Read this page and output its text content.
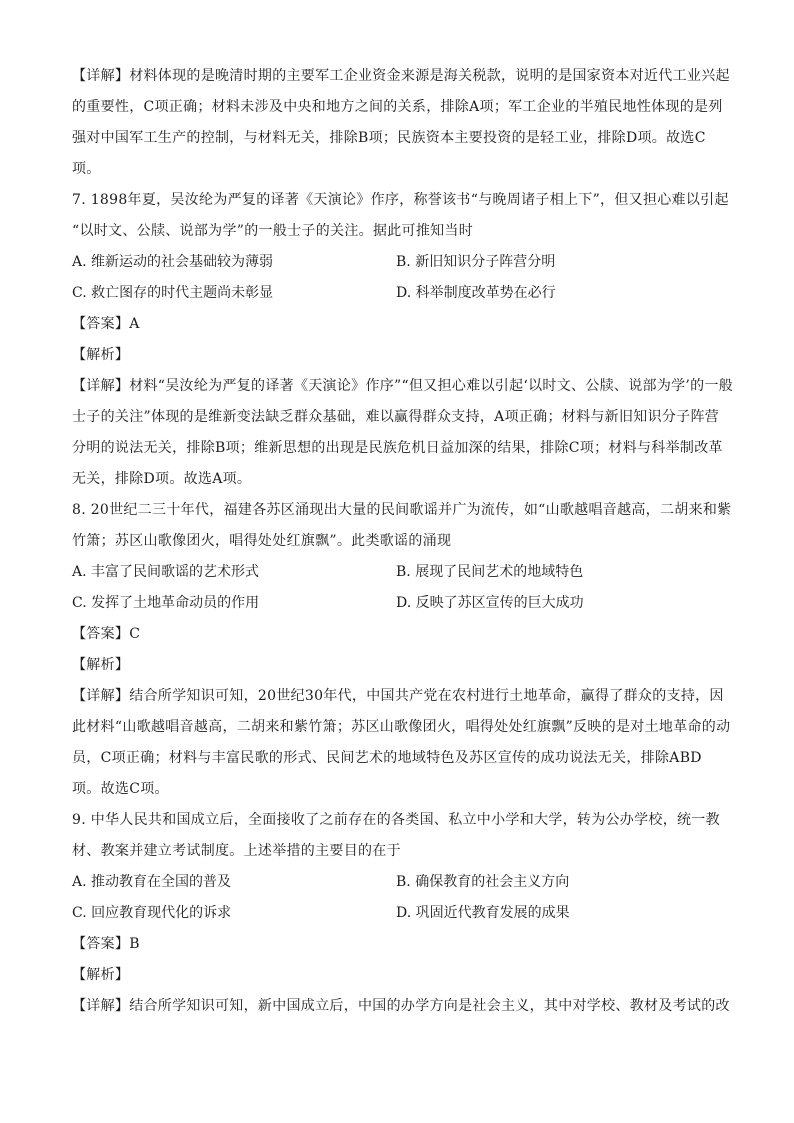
【详解】材料体现的是晚清时期的主要军工企业资金来源是海关税款，说明的是国家资本对近代工业兴起
的重要性，C项正确；材料未涉及中央和地方之间的关系，排除A项；军工企业的半殖民地性体现的是列
强对中国军工生产的控制，与材料无关，排除B项；民族资本主要投资的是轻工业，排除D项。故选C
项。
7. 1898年夏，吴汝纶为严复的译著《天演论》作序，称誉该书“与晚周诸子相上下”，但又担心难以引起
“以时文、公牍、说部为学”的一般士子的关注。据此可推知当时
A. 维新运动的社会基础较为薄弱	B. 新旧知识分子阵营分明
C. 救亡图存的时代主题尚未彰显	D. 科举制度改革势在必行
【答案】A
【解析】
【详解】材料“吴汝纶为严复的译著《天演论》作序”“但又担心难以引起‘以时文、公牍、说部为学’的一般
士子的关注”体现的是维新变法缺乏群众基础，难以赢得群众支持，A项正确；材料与新旧知识分子阵营
分明的说法无关，排除B项；维新思想的出现是民族危机日益加深的结果，排除C项；材料与科举制改革
无关，排除D项。故选A项。
8. 20世纪二三十年代，福建各苏区涌现出大量的民间歌谣并广为流传，如“山歌越唱音越高，二胡来和紫
竹箫；苏区山歌像团火，唱得处处红旗飘”。此类歌谣的涌现
A. 丰富了民间歌谣的艺术形式	B. 展现了民间艺术的地域特色
C. 发挥了土地革命动员的作用	D. 反映了苏区宣传的巨大成功
【答案】C
【解析】
【详解】结合所学知识可知，20世纪30年代，中国共产党在农村进行土地革命，赢得了群众的支持，因
此材料“山歌越唱音越高，二胡来和紫竹箫；苏区山歌像团火，唱得处处红旗飘”反映的是对土地革命的动
员，C项正确；材料与丰富民歌的形式、民间艺术的地域特色及苏区宣传的成功说法无关，排除ABD
项。故选C项。
9. 中华人民共和国成立后，全面接收了之前存在的各类国、私立中小学和大学，转为公办学校，统一教
材、教案并建立考试制度。上述举措的主要目的在于
A. 推动教育在全国的普及	B. 确保教育的社会主义方向
C. 回应教育现代化的诉求	D. 巩固近代教育发展的成果
【答案】B
【解析】
【详解】结合所学知识可知，新中国成立后，中国的办学方向是社会主义，其中对学校、教材及考试的改
